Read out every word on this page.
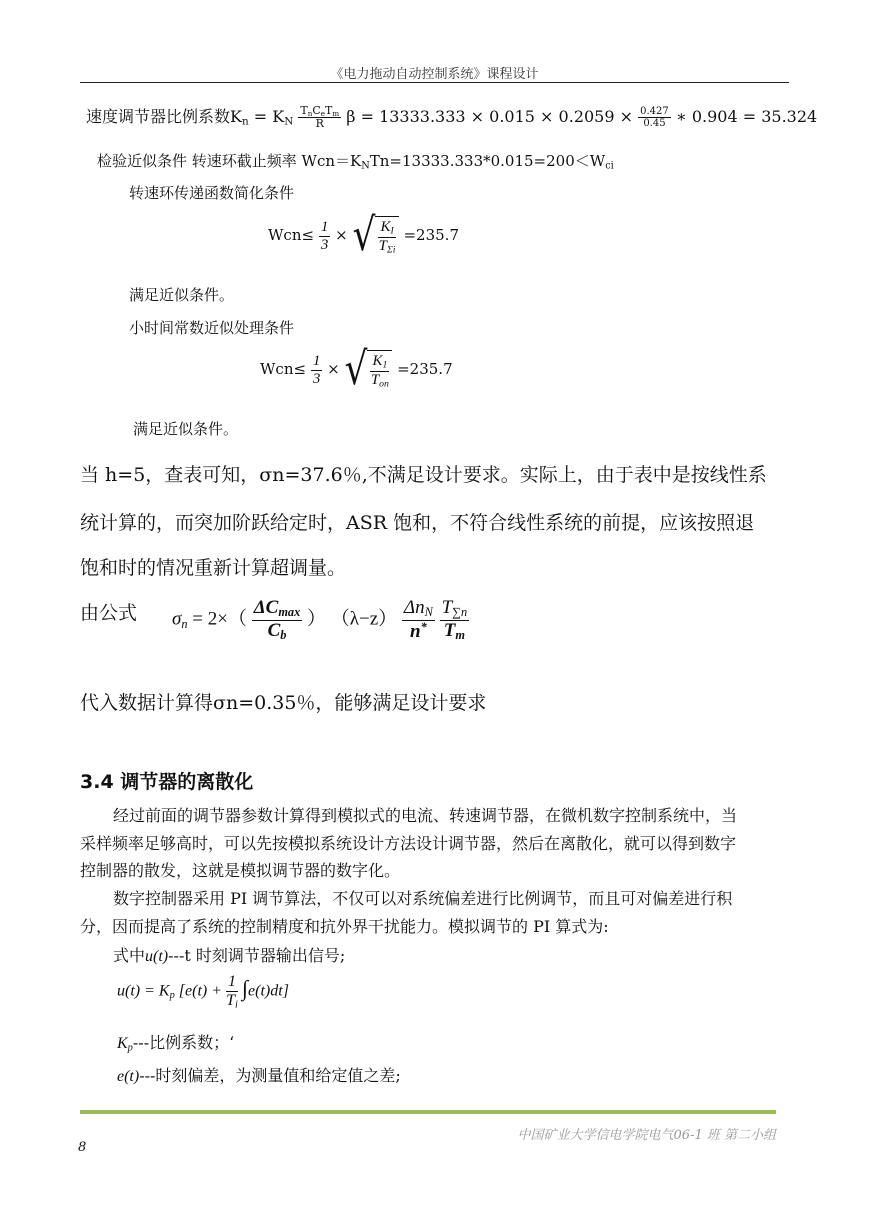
《电力拖动自动控制系统》课程设计
速度调节器比例系数$K_n = K_N \frac{T_nC_eT_m}{R}$ $\beta = 13333.333 \times 0.015 \times 0.2059 \times \frac{0.427}{0.45}$ ∗ 0.904 = 35.324
检验近似条件 转速环截止频率 $Wcn=K_NTn=13333.333*0.015=200<W_{ci}$
转速环传递函数简化条件
$Wcn\le \frac{1}{3}$ × √ $\frac{K_I}{T_{\Sigma i}} =235.7$
满足近似条件。
小时间常数近似处理条件
$Wcn\le \frac{1}{3}$ × √ $\frac{K_1}{T_{on}} =235.7$
满足近似条件。
当 h=5，查表可知，σn=37.6％,不满足设计要求。实际上，由于表中是按线性系
统计算的，而突加阶跃给定时，ASR 饱和，不符合线性系统的前提，应该按照退
饱和时的情况重新计算超调量。
由公式 $\sigma_n = 2\times( \frac{\Delta C_{max}}{C_b}$ ） $(\lambda-z) \frac{\Delta n_N}{n^*}$
$\frac{T_{\sum n}}{T_m}$
代入数据计算得σn=0.35％，能够满足设计要求
3.4 调节器的离散化
经过前面的调节器参数计算得到模拟式的电流、转速调节器，在微机数字控制系统中，当
采样频率足够高时，可以先按模拟系统设计方法设计调节器，然后在离散化，就可以得到数字
控制器的散发，这就是模拟调节器的数字化。
数字控制器采用 PI 调节算法，不仅可以对系统偏差进行比例调节，而且可对偏差进行积
分，因而提高了系统的控制精度和抗外界干扰能力。模拟调节的 PI 算式为:
式中u(t)---t 时刻调节器输出信号;
$u(t) = K_p$ $[e(t) + \frac{1}{T_i} \int e(t)dt]$
$K_p---$比例系数；‘
e(t)---时刻偏差，为测量值和给定值之差;
中国矿业大学信电学院电气06-1 班 第二小组
8
